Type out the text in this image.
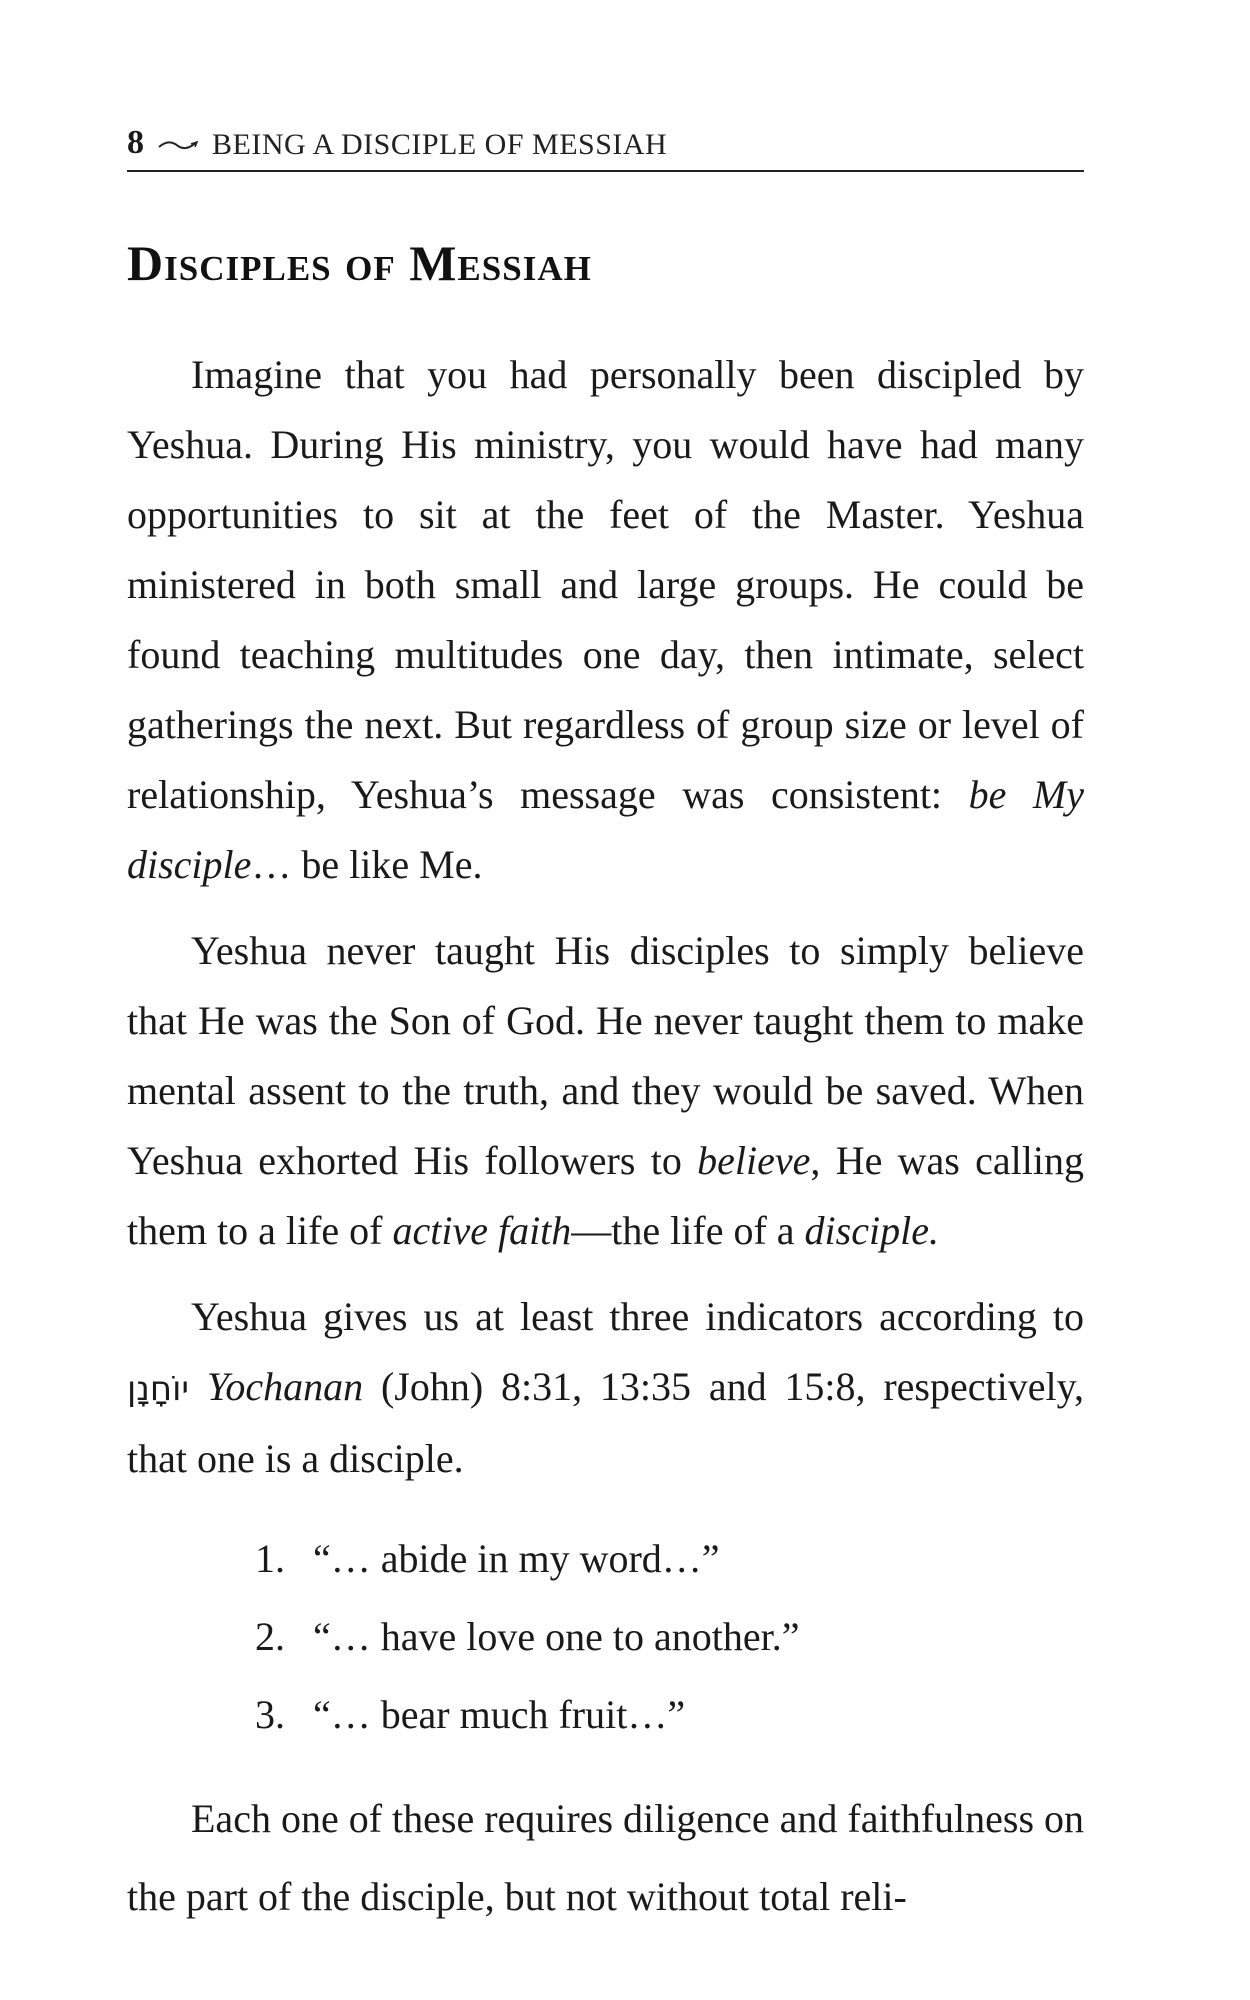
8 BEING A DISCIPLE OF MESSIAH
Disciples of Messiah

Imagine that you had personally been discipled by Yeshua. During His ministry, you would have had many opportunities to sit at the feet of the Master. Yeshua ministered in both small and large groups. He could be found teaching multitudes one day, then intimate, select gatherings the next. But regardless of group size or level of relationship, Yeshua’s message was consistent: be My disciple… be like Me.

Yeshua never taught His disciples to simply believe that He was the Son of God. He never taught them to make mental assent to the truth, and they would be saved. When Yeshua exhorted His followers to believe, He was calling them to a life of active faith—the life of a disciple.

Yeshua gives us at least three indicators according to יוֹחָנָן Yochanan (John) 8:31, 13:35 and 15:8, respectively, that one is a disciple.

1. “… abide in my word…”
2. “… have love one to another.”
3. “… bear much fruit…”

Each one of these requires diligence and faithfulness on the part of the disciple, but not without total reli-
